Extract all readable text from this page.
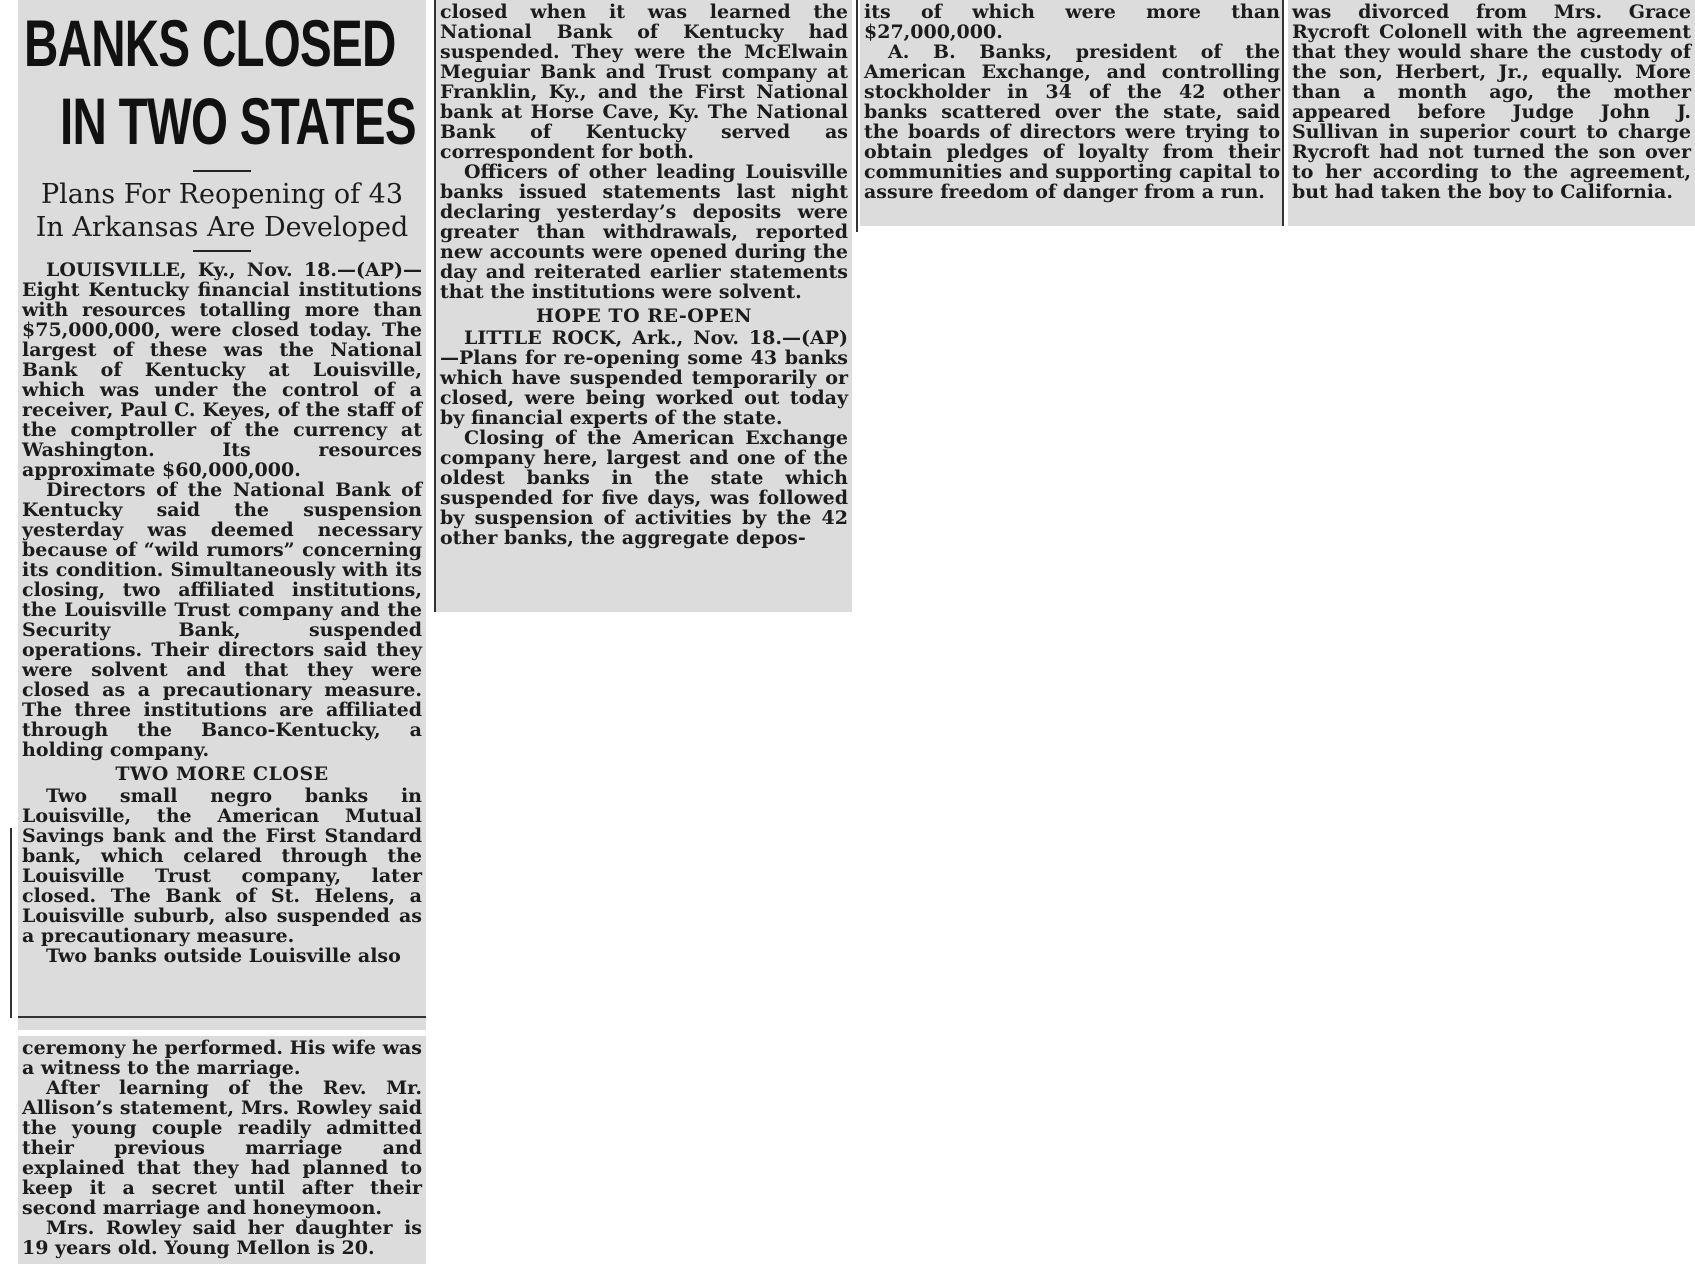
BANKS CLOSED
IN TWO STATES
Plans For Reopening of 43 In Arkansas Are Developed

LOUISVILLE, Ky., Nov. 18.—(AP)—Eight Kentucky financial institutions with resources totalling more than $75,000,000, were closed today. The largest of these was the National Bank of Kentucky at Louisville, which was under the control of a receiver, Paul C. Keyes, of the staff of the comptroller of the currency at Washington. Its resources approximate $60,000,000.

Directors of the National Bank of Kentucky said the suspension yesterday was deemed necessary because of “wild rumors” concerning its condition. Simultaneously with its closing, two affiliated institutions, the Louisville Trust company and the Security Bank, suspended operations. Their directors said they were solvent and that they were closed as a precautionary measure. The three institutions are affiliated through the Banco-Kentucky, a holding company.

TWO MORE CLOSE

Two small negro banks in Louisville, the American Mutual Savings bank and the First Standard bank, which celared through the Louisville Trust company, later closed. The Bank of St. Helens, a Louisville suburb, also suspended as a precautionary measure.

Two banks outside Louisville also

ceremony he performed. His wife was a witness to the marriage.

After learning of the Rev. Mr. Allison’s statement, Mrs. Rowley said the young couple readily admitted their previous marriage and explained that they had planned to keep it a secret until after their second marriage and honeymoon.

Mrs. Rowley said her daughter is 19 years old. Young Mellon is 20.

closed when it was learned the National Bank of Kentucky had suspended. They were the McElwain Meguiar Bank and Trust company at Franklin, Ky., and the First National bank at Horse Cave, Ky. The National Bank of Kentucky served as correspondent for both.

Officers of other leading Louisville banks issued statements last night declaring yesterday’s deposits were greater than withdrawals, reported new accounts were opened during the day and reiterated earlier statements that the institutions were solvent.

HOPE TO RE-OPEN

LITTLE ROCK, Ark., Nov. 18.—(AP)—Plans for re-opening some 43 banks which have suspended temporarily or closed, were being worked out today by financial experts of the state.

Closing of the American Exchange company here, largest and one of the oldest banks in the state which suspended for five days, was followed by suspension of activities by the 42 other banks, the aggregate depos-

its of which were more than $27,000,000.

A. B. Banks, president of the American Exchange, and controlling stockholder in 34 of the 42 other banks scattered over the state, said the boards of directors were trying to obtain pledges of loyalty from their communities and supporting capital to assure freedom of danger from a run.

was divorced from Mrs. Grace Rycroft Colonell with the agreement that they would share the custody of the son, Herbert, Jr., equally. More than a month ago, the mother appeared before Judge John J. Sullivan in superior court to charge Rycroft had not turned the son over to her according to the agreement, but had taken the boy to California.
